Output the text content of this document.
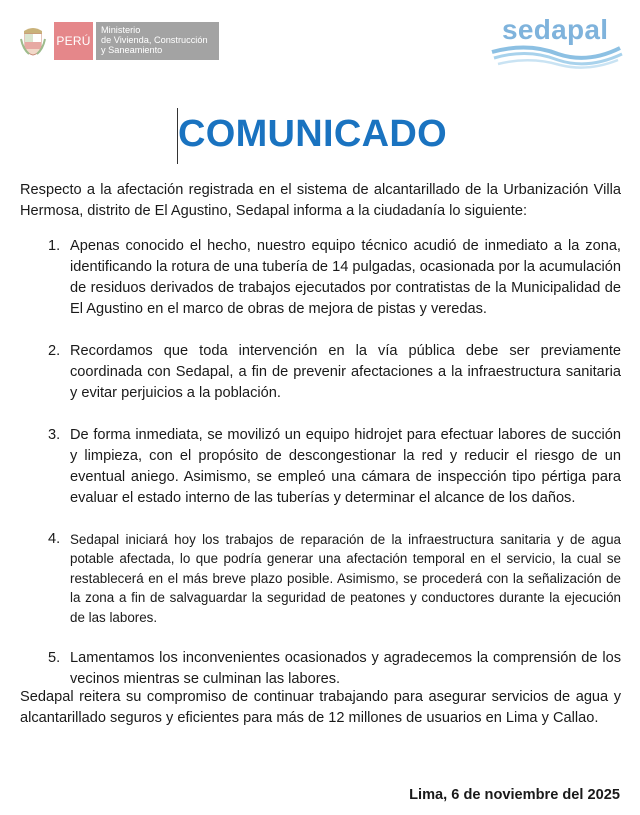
PERÚ
Ministerio
de Vivienda, Construcción
y Saneamiento
sedapal
COMUNICADO

Respecto a la afectación registrada en el sistema de alcantarillado de la Urbanización Villa Hermosa, distrito de El Agustino, Sedapal informa a la ciudadanía lo siguiente:

1. Apenas conocido el hecho, nuestro equipo técnico acudió de inmediato a la zona, identificando la rotura de una tubería de 14 pulgadas, ocasionada por la acumulación de residuos derivados de trabajos ejecutados por contratistas de la Municipalidad de El Agustino en el marco de obras de mejora de pistas y veredas.
2. Recordamos que toda intervención en la vía pública debe ser previamente coordinada con Sedapal, a fin de prevenir afectaciones a la infraestructura sanitaria y evitar perjuicios a la población.
3. De forma inmediata, se movilizó un equipo hidrojet para efectuar labores de succión y limpieza, con el propósito de descongestionar la red y reducir el riesgo de un eventual aniego. Asimismo, se empleó una cámara de inspección tipo pértiga para evaluar el estado interno de las tuberías y determinar el alcance de los daños.
4. Sedapal iniciará hoy los trabajos de reparación de la infraestructura sanitaria y de agua potable afectada, lo que podría generar una afectación temporal en el servicio, la cual se restablecerá en el más breve plazo posible. Asimismo, se procederá con la señalización de la zona a fin de salvaguardar la seguridad de peatones y conductores durante la ejecución de las labores.
5. Lamentamos los inconvenientes ocasionados y agradecemos la comprensión de los vecinos mientras se culminan las labores.

Sedapal reitera su compromiso de continuar trabajando para asegurar servicios de agua y alcantarillado seguros y eficientes para más de 12 millones de usuarios en Lima y Callao.

Lima, 6 de noviembre del 2025
